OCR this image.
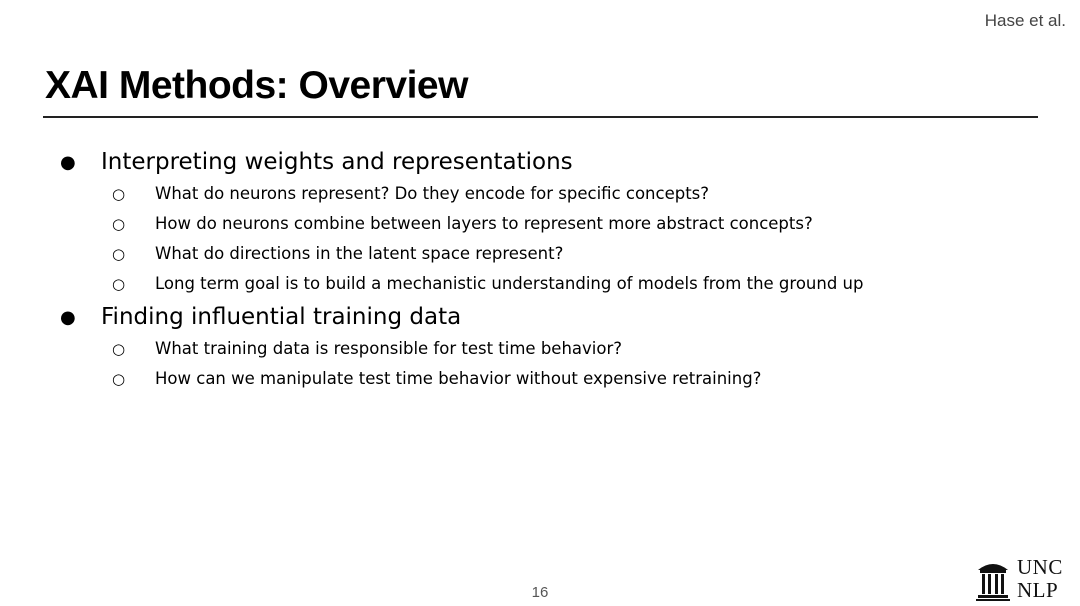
Hase et al.
XAI Methods: Overview
● Interpreting weights and representations
○ What do neurons represent? Do they encode for specific concepts?
○ How do neurons combine between layers to represent more abstract concepts?
○ What do directions in the latent space represent?
○ Long term goal is to build a mechanistic understanding of models from the ground up
● Finding influential training data
○ What training data is responsible for test time behavior?
○ How can we manipulate test time behavior without expensive retraining?
16
UNC
NLP
